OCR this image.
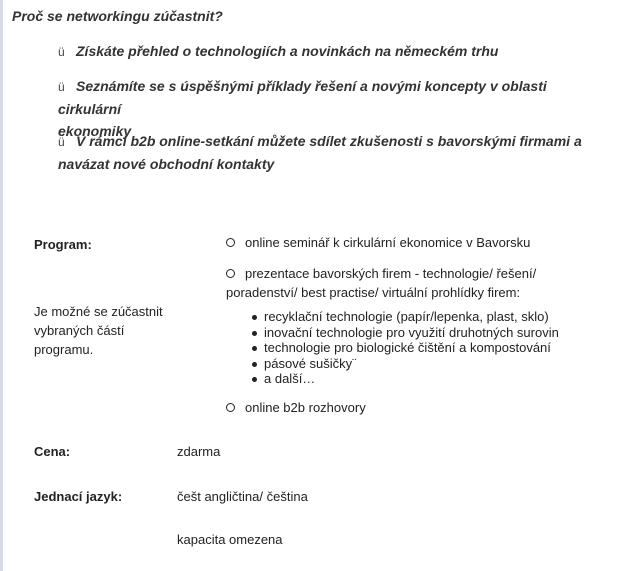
Proč se networkingu zúčastnit?
ü Získáte přehled o technologiích a novinkách na německém trhu
ü Seznámíte se s úspěšnými příklady řešení a novými koncepty v oblasti cirkulární
ekonomiky
ü V rámci b2b online-setkání můžete sdílet zkušenosti s bavorskými firmami a
navázat nové obchodní kontakty
Program:
Je možné se zúčastnit
vybraných částí
programu.
online seminář k cirkulární ekonomice v Bavorsku
prezentace bavorských firem - technologie/ řešení/
poradenství/ best practise/ virtuální prohlídky firem:
recyklační technologie (papír/lepenka, plast, sklo)
inovační technologie pro využití druhotných surovin
technologie pro biologické čištění a kompostování
pásové sušičky¨
a další…
online b2b rozhovory
Cena:	zdarma
Jednací jazyk:	češt angličtina/ čeština
kapacita omezena
